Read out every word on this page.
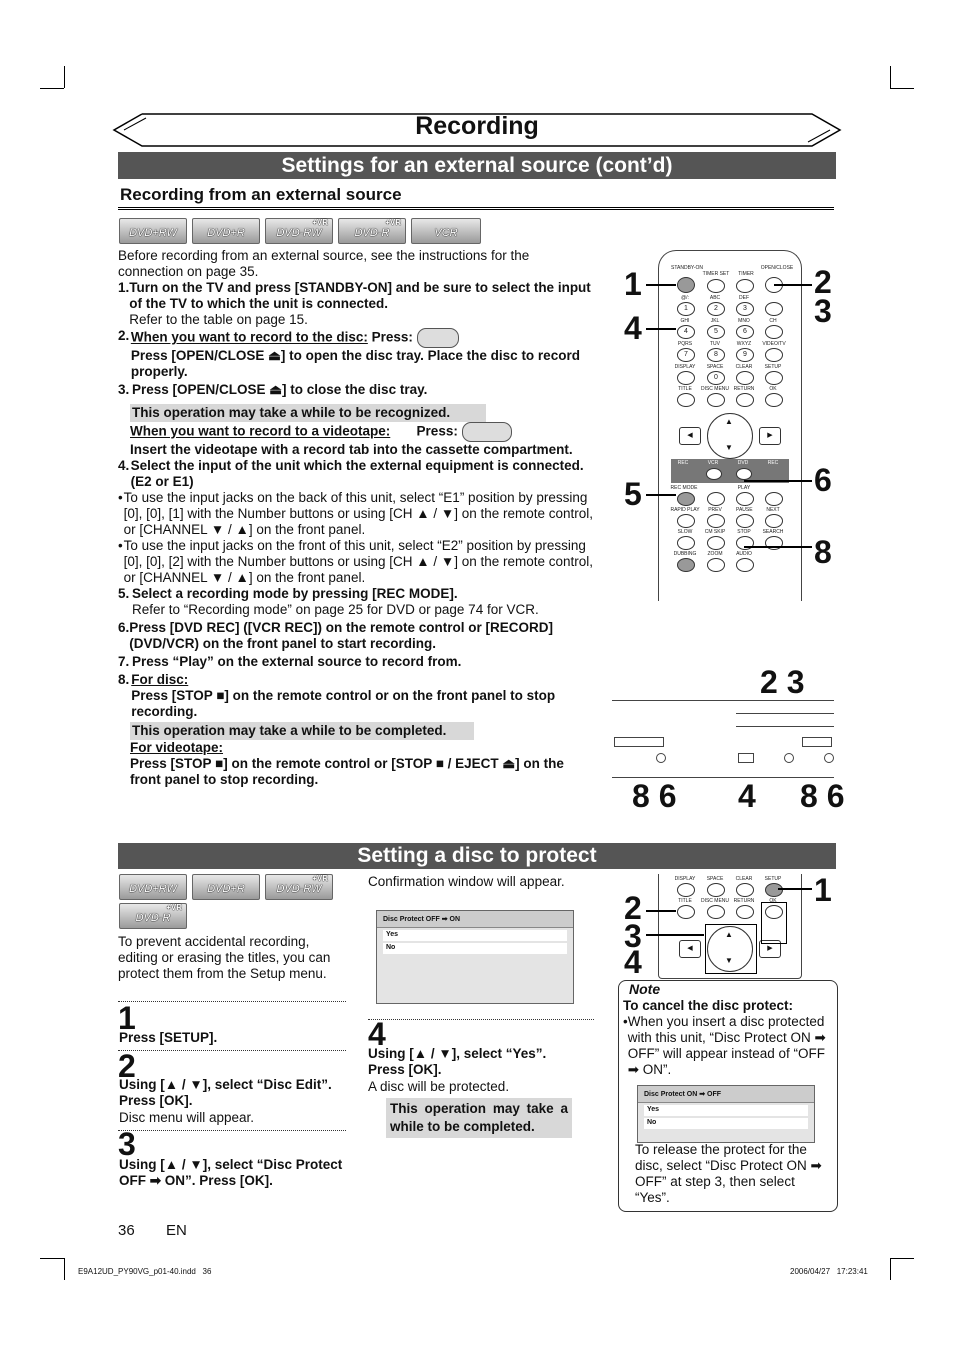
Recording
Settings for an external source (cont’d)
Recording from an external source
DVD+RW	DVD+R
+VR
DVD-RW
+VR
DVD-R	VCR
Before recording from an external source, see the instructions for the connection on page 35.
1. Turn on the TV and press [STANDBY-ON] and be sure to select the input of the TV to which the unit is connected.
Refer to the table on page 15.
2. When you want to record to the disc: Press:
Press [OPEN/CLOSE ⏏] to open the disc tray. Place the disc to record properly.
3. Press [OPEN/CLOSE ⏏] to close the disc tray.
This operation may take a while to be recognized.
When you want to record to a videotape: Press:
Insert the videotape with a record tab into the cassette compartment.
4. Select the input of the unit which the external equipment is connected. (E2 or E1)
• To use the input jacks on the back of this unit, select “E1” position by pressing [0], [0], [1] with the Number buttons or using [CH ▲ / ▼] on the remote control, or [CHANNEL ▼ / ▲] on the front panel.
• To use the input jacks on the front of this unit, select “E2” position by pressing [0], [0], [2] with the Number buttons or using [CH ▲ / ▼] on the remote control, or [CHANNEL ▼ / ▲] on the front panel.
5. Select a recording mode by pressing [REC MODE].
Refer to “Recording mode” on page 25 for DVD or page 74 for VCR.
6. Press [DVD REC] ([VCR REC]) on the remote control or [RECORD] (DVD/VCR) on the front panel to start recording.
7. Press “Play” on the external source to record from.
8. For disc:
Press [STOP ■] on the remote control or on the front panel to stop recording.
This operation may take a while to be completed.
For videotape:
Press [STOP ■] on the remote control or [STOP ■ / EJECT ⏏] on the front panel to stop recording.
STANDBY-ON
TIMER SET	TIMER
OPEN/CLOSE
@/:	ABC	DEF
1	2	3
GHI	JKL	MNO	CH
4	5	6
PQRS	TUV	WXYZ	VIDEO/TV
7	8	9
DISPLAY	SPACE	CLEAR	SETUP
0
TITLE	DISC MENU RETURN	OK
▲
▼
◀	▶
REC	VCR	DVD	REC
REC MODE	PLAY
RAPID PLAY PREV	PAUSE	NEXT
SLOW	CM SKIP	STOP	SEARCH
DUBBING	ZOOM	AUDIO
1	2
3
4
5	6
8
2 3
8 6 4 8 6
Setting a disc to protect
DVD+RW	DVD+R
+VR
DVD-RW
+VR
DVD-R
To prevent accidental recording, editing or erasing the titles, you can protect them from the Setup menu.
1
Press [SETUP].
2
Using [▲ / ▼], select “Disc Edit”. Press [OK].
Disc menu will appear.
3
Using [▲ / ▼], select “Disc Protect OFF ➡ ON”. Press [OK].
Confirmation window will appear.
Disc Protect OFF ➡ ON
Yes
No
4
Using [▲ / ▼], select “Yes”. Press [OK].
A disc will be protected.
This operation may take a while to be completed.
DISPLAY	SPACE	CLEAR	SETUP
TITLE	DISC MENU RETURN	OK
▲
▼
◀	▶
1
2
3
4
Note
To cancel the disc protect:
• When you insert a disc protected with this unit, “Disc Protect ON ➡ OFF” will appear instead of “OFF ➡ ON”.
Disc Protect ON ➡ OFF
Yes
No
To release the protect for the disc, select “Disc Protect ON ➡ OFF” at step 3, then select “Yes”.
36 EN
E9A12UD_PY90VG_p01-40.indd   36	2006/04/27   17:23:41
